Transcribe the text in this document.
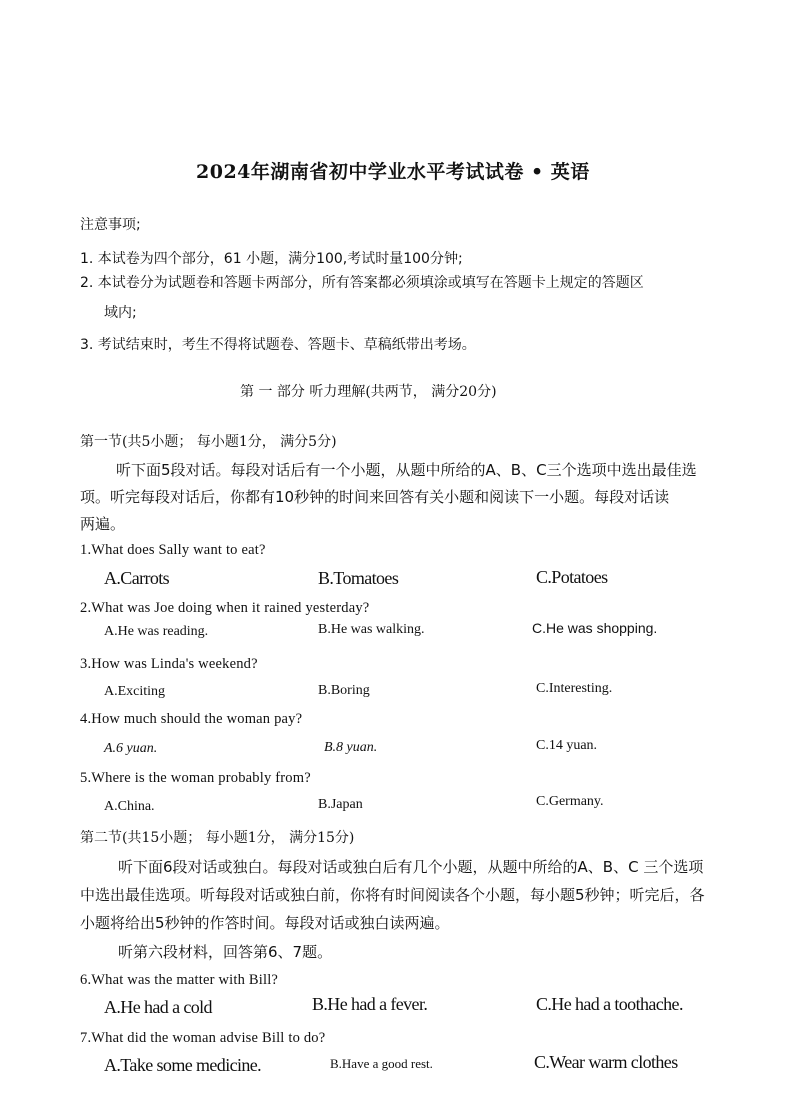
2024年湖南省初中学业水平考试试卷 • 英语
注意事项;
1. 本试卷为四个部分，61 小题，满分100,考试时量100分钟;
2. 本试卷分为试题卷和答题卡两部分，所有答案都必须填涂或填写在答题卡上规定的答题区
域内;
3. 考试结束时，考生不得将试题卷、答题卡、草稿纸带出考场。
第 一 部分 听力理解(共两节， 满分20分)
第一节(共5小题； 每小题1分， 满分5分)
听下面5段对话。每段对话后有一个小题，从题中所给的A、B、C三个选项中选出最佳选
项。听完每段对话后，你都有10秒钟的时间来回答有关小题和阅读下一小题。每段对话读
两遍。
1.What does Sally want to eat?
A.Carrots	B.Tomatoes	C.Potatoes
2.What was Joe doing when it rained yesterday?
A.He was reading.	B.He was walking.	C.He was shopping.
3.How was Linda's weekend?
A.Exciting	B.Boring	C.Interesting.
4.How much should the woman pay?
A.6 yuan.	B.8 yuan.	C.14 yuan.
5.Where is the woman probably from?
A.China.	B.Japan	C.Germany.
第二节(共15小题； 每小题1分， 满分15分)
听下面6段对话或独白。每段对话或独白后有几个小题，从题中所给的A、B、C 三个选项
中选出最佳选项。听每段对话或独白前，你将有时间阅读各个小题，每小题5秒钟；听完后，各
小题将给出5秒钟的作答时间。每段对话或独白读两遍。
听第六段材料，回答第6、7题。
6.What was the matter with Bill?
A.He had a cold	B.He had a fever.	C.He had a toothache.
7.What did the woman advise Bill to do?
A.Take some medicine.	B.Have a good rest.	C.Wear warm clothes
